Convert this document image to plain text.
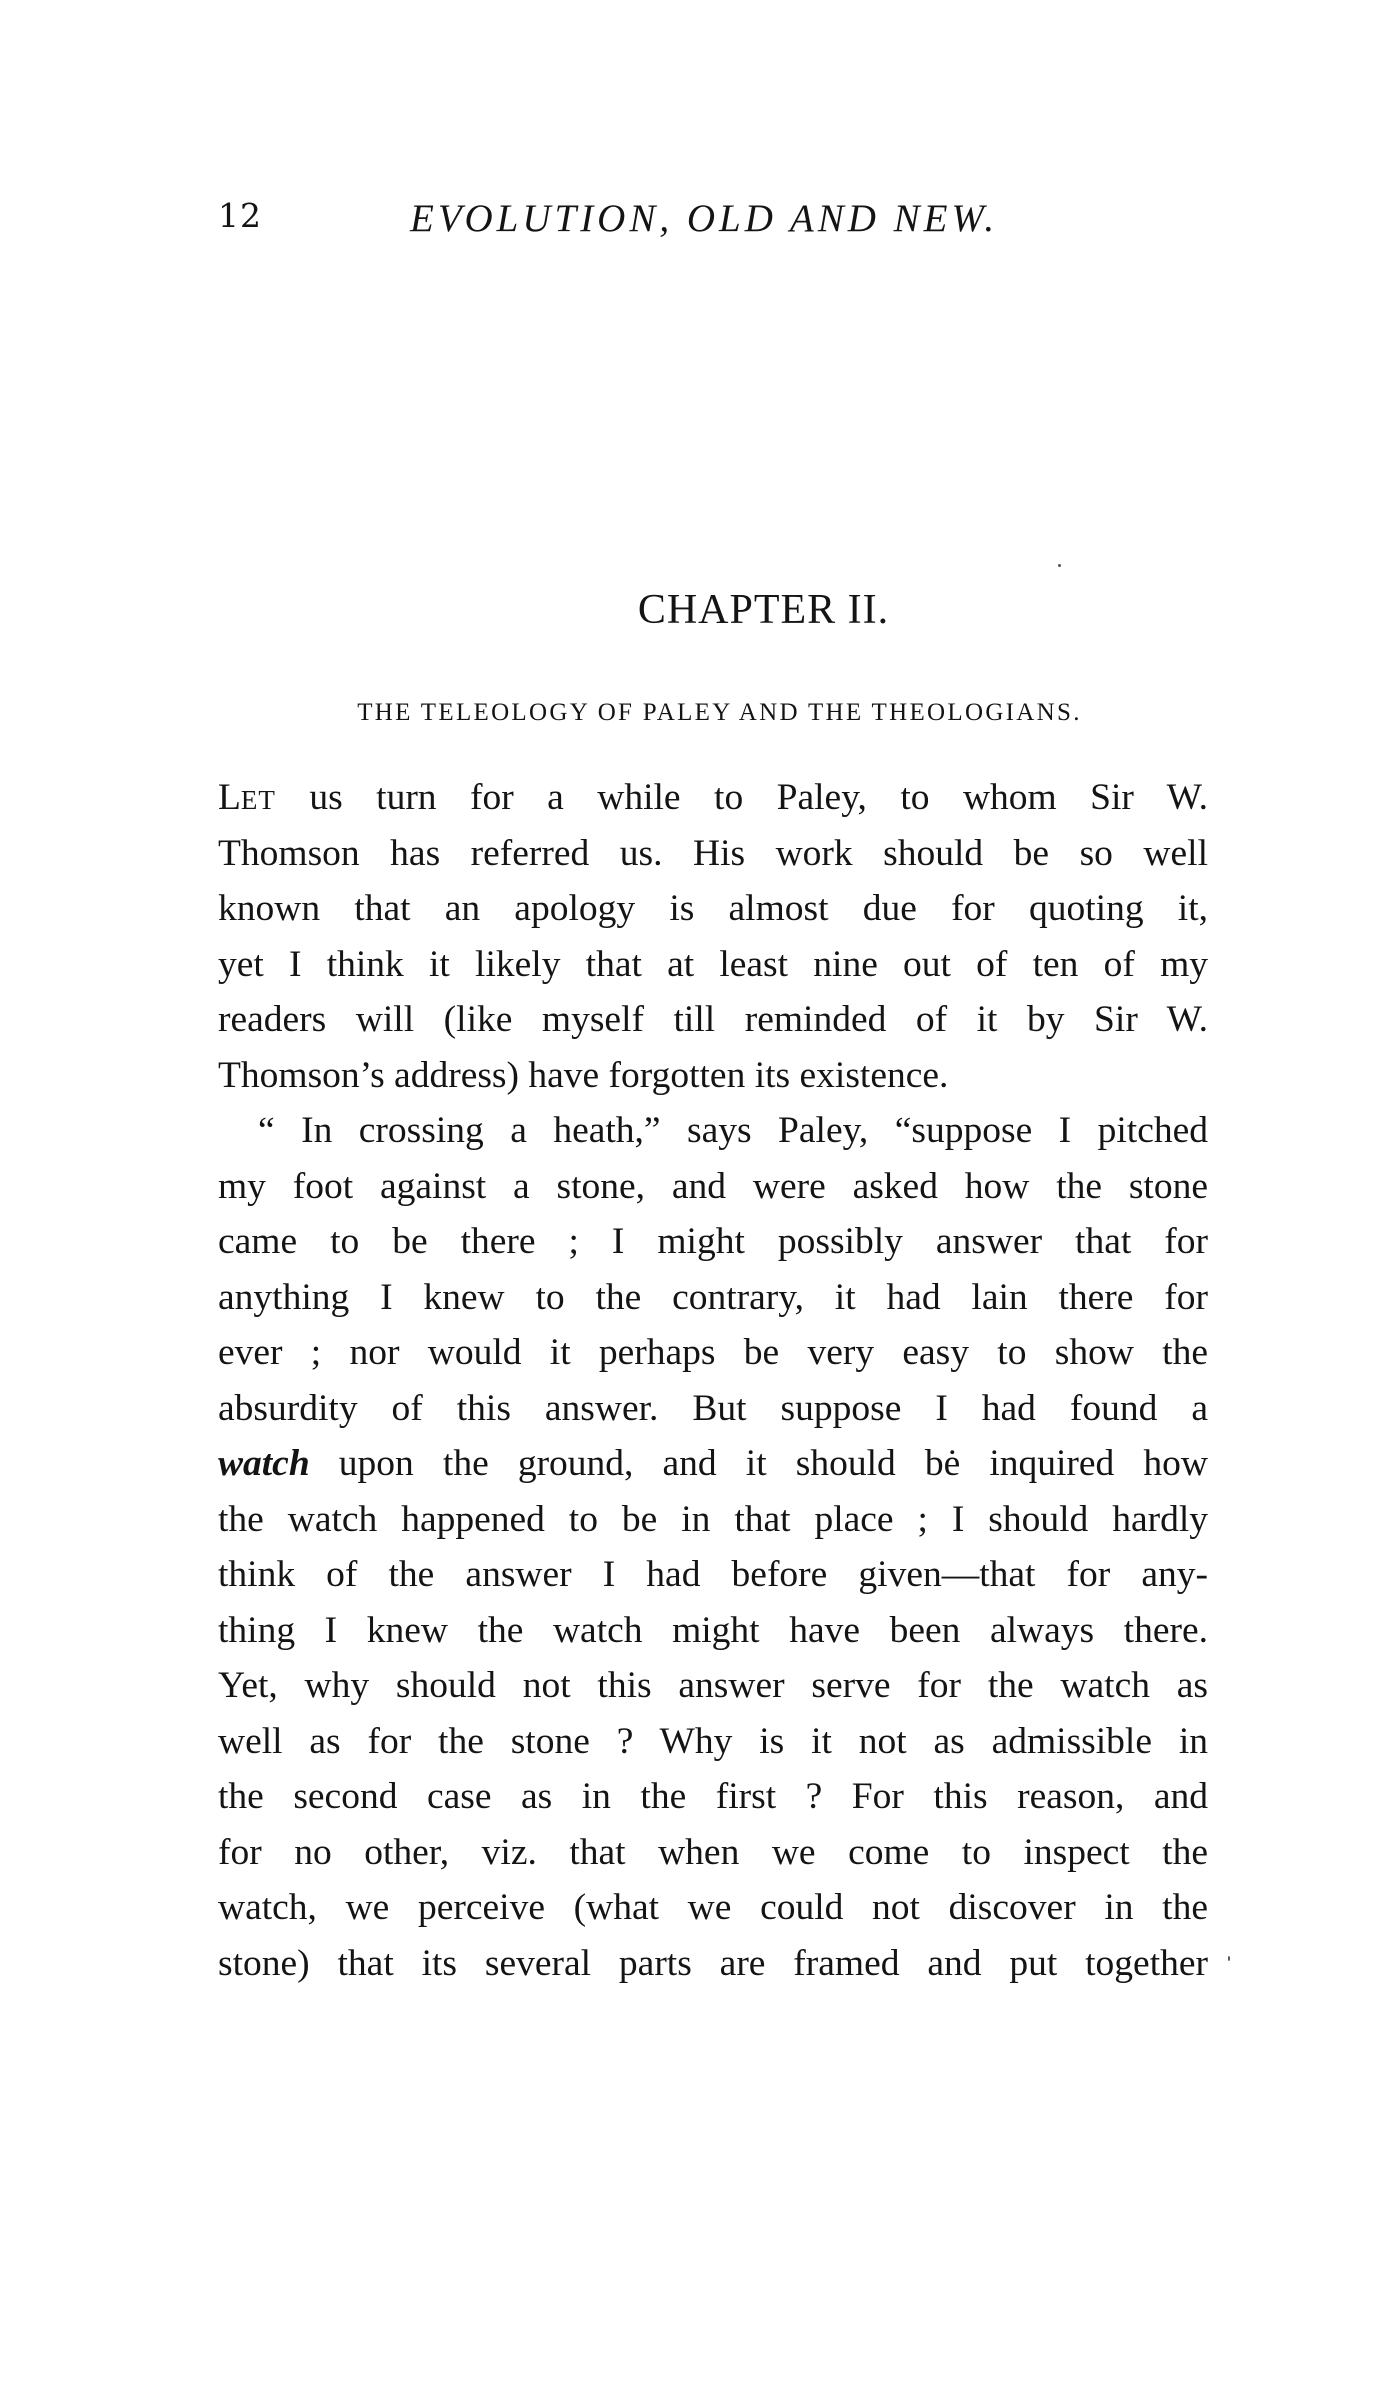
12	EVOLUTION, OLD AND NEW.
CHAPTER II.
THE TELEOLOGY OF PALEY AND THE THEOLOGIANS.
LET us turn for a while to Paley, to whom Sir W.
Thomson has referred us. His work should be so well
known that an apology is almost due for quoting it,
yet I think it likely that at least nine out of ten of my
readers will (like myself till reminded of it by Sir W.
Thomson’s address) have forgotten its existence.
“ In crossing a heath,” says Paley, “suppose I pitched
my foot against a stone, and were asked how the stone
came to be there ; I might possibly answer that for
anything I knew to the contrary, it had lain there for
ever ; nor would it perhaps be very easy to show the
absurdity of this answer. But suppose I had found a
watch upon the ground, and it should bė inquired how
the watch happened to be in that place ; I should hardly
think of the answer I had before given—that for any-
thing I knew the watch might have been always there.
Yet, why should not this answer serve for the watch as
well as for the stone ? Why is it not as admissible in
the second case as in the first ? For this reason, and
for no other, viz. that when we come to inspect the
watch, we perceive (what we could not discover in the
stone) that its several parts are framed and put together
